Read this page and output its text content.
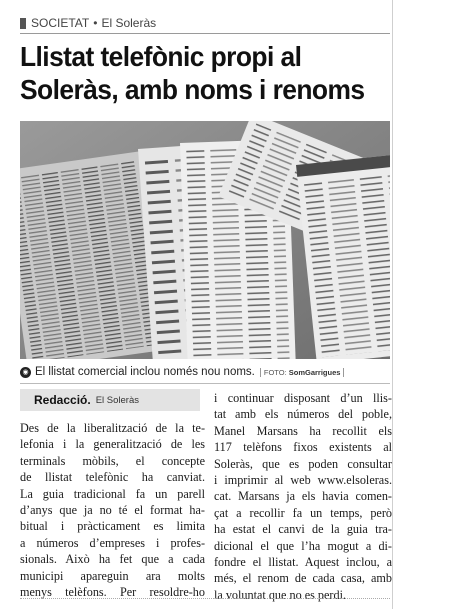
SOCIETAT • El Soleràs
Llistat telefònic propi al
Soleràs, amb noms i renoms
◉ El llistat comercial inclou només nou noms.	FOTO: SomGarrigues
Redacció. El Soleràs
Des de la liberalització de la te-
lefonia i la generalització de les
terminals mòbils, el concepte
de llistat telefònic ha canviat.
La guia tradicional fa un parell
d’anys que ja no té el format ha-
bitual i pràcticament es limita
a números d’empreses i profes-
sionals. Això ha fet que a cada
municipi apareguin ara molts
menys telèfons. Per resoldre-ho
i continuar disposant d’un llis-
tat amb els números del poble,
Manel Marsans ha recollit els
117 telèfons fixos existents al
Soleràs, que es poden consultar
i imprimir al web www.elsoleras.
cat. Marsans ja els havia comen-
çat a recollir fa un temps, però
ha estat el canvi de la guia tra-
dicional el que l’ha mogut a di-
fondre el llistat. Aquest inclou, a
més, el renom de cada casa, amb
la voluntat que no es perdi.
